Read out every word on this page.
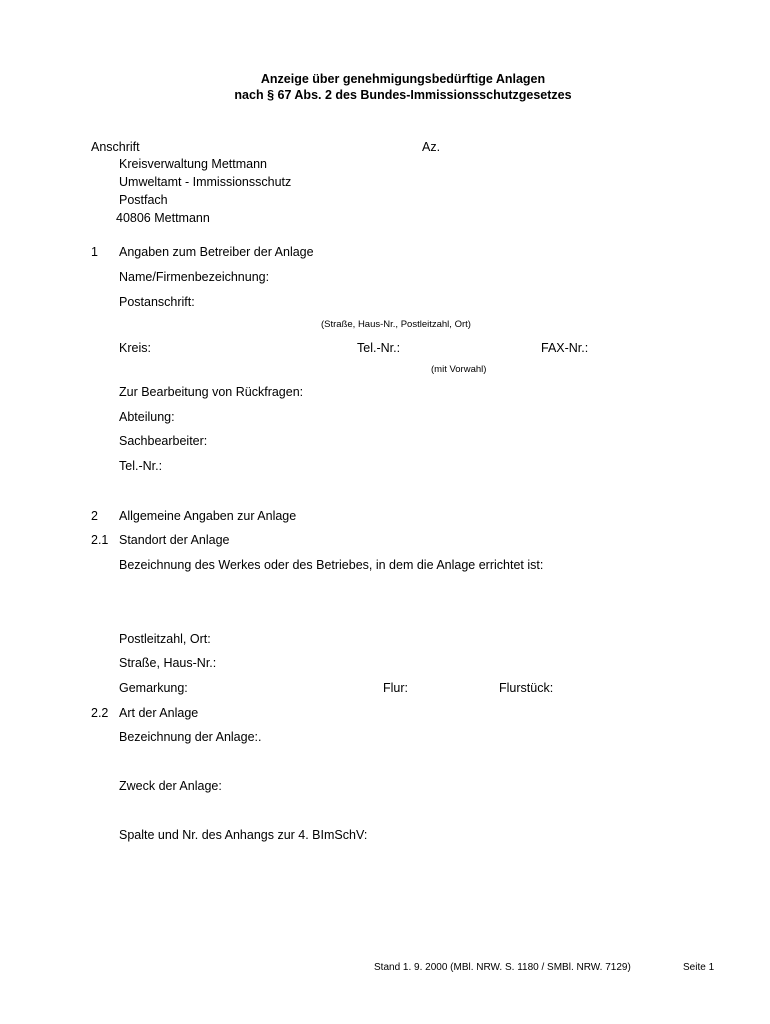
Anzeige über genehmigungsbedürftige Anlagen
nach § 67 Abs. 2 des Bundes-Immissionsschutzgesetzes
Anschrift	Az.
Kreisverwaltung Mettmann
Umweltamt - Immissionsschutz
Postfach
40806 Mettmann
1 Angaben zum Betreiber der Anlage
Name/Firmenbezeichnung:
Postanschrift:
(Straße, Haus-Nr., Postleitzahl, Ort)
Kreis:	Tel.-Nr.:	FAX-Nr.:
(mit Vorwahl)
Zur Bearbeitung von Rückfragen:
Abteilung:
Sachbearbeiter:
Tel.-Nr.:
2 Allgemeine Angaben zur Anlage
2.1 Standort der Anlage
Bezeichnung des Werkes oder des Betriebes, in dem die Anlage errichtet ist:
Postleitzahl, Ort:
Straße, Haus-Nr.:
Gemarkung:	Flur:	Flurstück:
2.2 Art der Anlage
Bezeichnung der Anlage:.
Zweck der Anlage:
Spalte und Nr. des Anhangs zur 4. BImSchV:
Stand 1. 9. 2000 (MBl. NRW. S. 1180 / SMBl. NRW. 7129)	Seite 1
